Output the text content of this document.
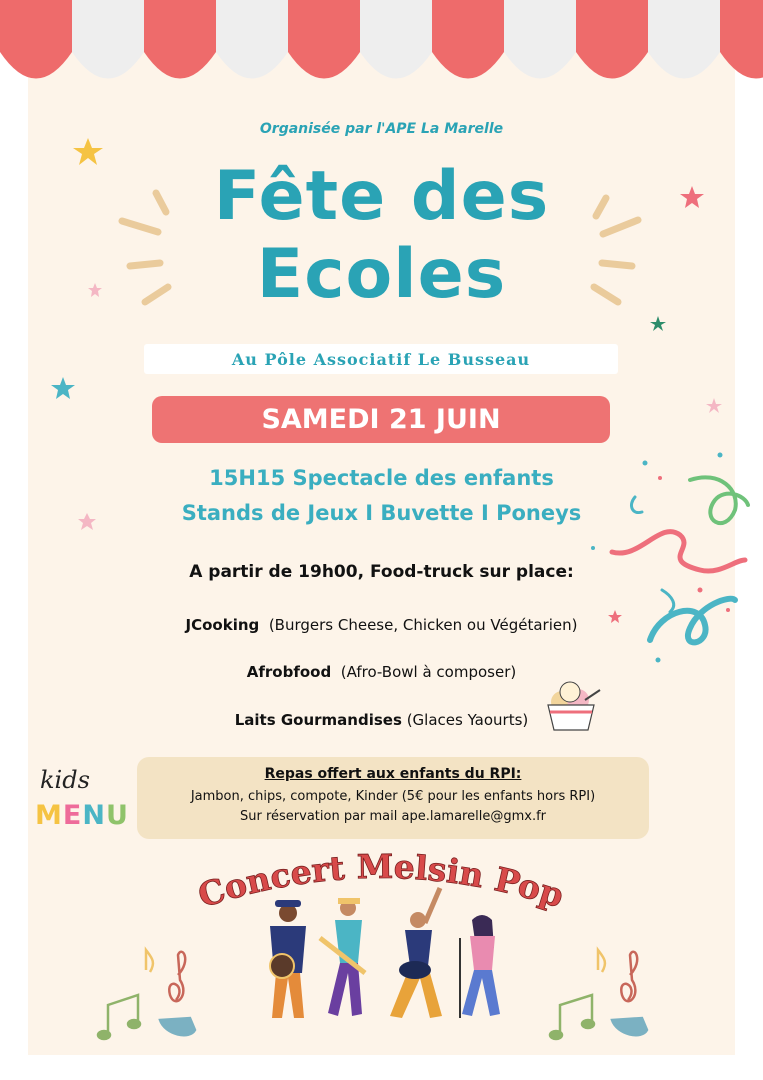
Organisée par l'APE La Marelle
Fête des
Ecoles
Au Pôle Associatif Le Busseau
SAMEDI 21 JUIN
15H15 Spectacle des enfants
Stands de Jeux I Buvette I Poneys
A partir de 19h00, Food-truck sur place:
JCooking (Burgers Cheese, Chicken ou Végétarien)
Afrobfood (Afro-Bowl à composer)
Laits Gourmandises (Glaces Yaourts)
kids
MENU
Repas offert aux enfants du RPI:
Jambon, chips, compote, Kinder (5€ pour les enfants hors RPI)
Sur réservation par mail ape.lamarelle@gmx.fr
Concert Melsin Pop
